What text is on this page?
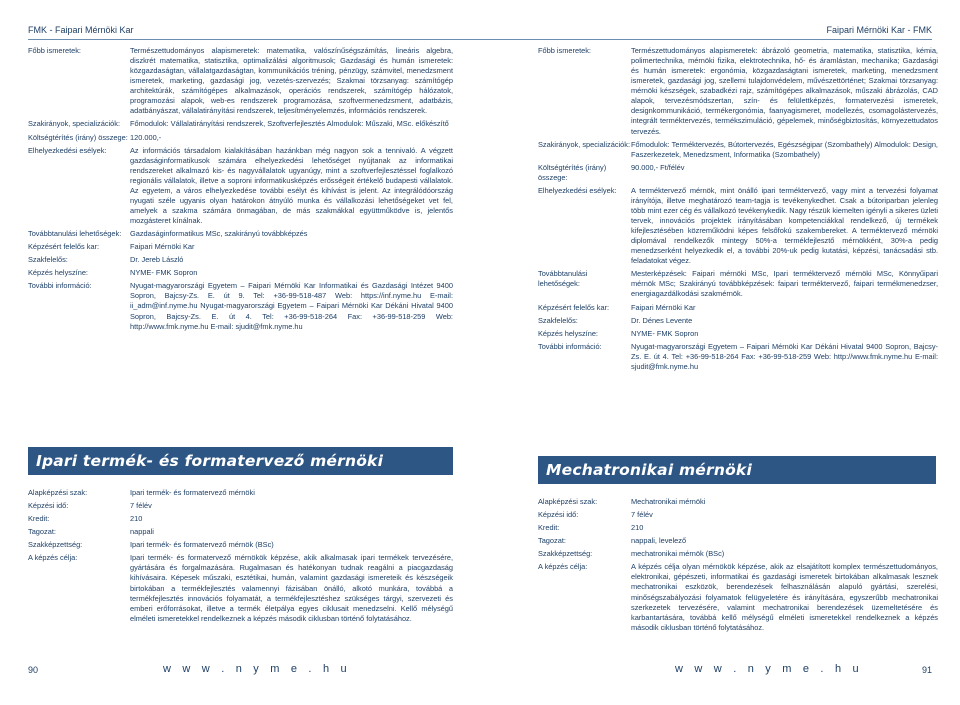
FMK - Faipari Mérnöki Kar
Főbb ismeretek:	Természettudományos alapismeretek: matematika, valószínűségszámítás, lineáris algebra, diszkrét matematika, statisztika, optimalizálási algoritmusok; Gazdasági és humán ismeretek: közgazdaságtan, vállalatgazdaságtan, kommunikációs tréning, pénzügy, számvitel, menedzsment ismeretek, marketing, gazdasági jog, vezetés-szervezés; Szakmai törzsanyag: számítógép architektúrák, számítógépes alkalmazások, operációs rendszerek, számítógép hálózatok, programozási alapok, web-es rendszerek programozása, szoftvermenedzsment, adatbázis, adatbányászat, vállalatirányítási rendszerek, teljesítményelemzés, információs rendszerek.
Szakirányok, specializációk:	Főmodulok: Vállalatirányítási rendszerek, Szoftverfejlesztés Almodulok: Műszaki, MSc. előkészítő
Költségtérítés (irány) összege: 120.000,-
Elhelyezkedési esélyek:	Az információs társadalom kialakításában hazánkban még nagyon sok a tennivaló. A végzett gazdaságinformatikusok számára elhelyezkedési lehetőséget nyújtanak az informatikai rendszereket alkalmazó kis- és nagyvállalatok ugyanúgy, mint a szoftverfejlesztéssel foglalkozó regionális vállalatok, illetve a soproni informatikusképzés erősségeit értékelő budapesti vállalatok. Az egyetem, a város elhelyezkedése további esélyt és kihívást is jelent. Az integrálódóország nyugati széle ugyanis olyan határokon átnyúló munka és vállalkozási lehetőségeket vet fel, amelyek a szakma számára önmagában, de más szakmákkal együttműködve is, jelentős mozgásteret kínálnak.
Továbbtanulási lehetőségek:	Gazdaságinformatikus MSc, szakirányú továbbképzés
Képzésért felelős kar:	Faipari Mérnöki Kar
Szakfelelős:	Dr. Jereb László
Képzés helyszíne:	NYME- FMK Sopron
További információ:	Nyugat-magyarországi Egyetem – Faipari Mérnöki Kar Informatikai és Gazdasági Intézet 9400 Sopron, Bajcsy-Zs. E. út 9. Tel: +36-99-518-487 Web: https://inf.nyme.hu E-mail: ii_adm@inf.nyme.hu Nyugat-magyarországi Egyetem – Faipari Mérnöki Kar Dékáni Hivatal 9400 Sopron, Bajcsy-Zs. E. út 4. Tel: +36-99-518-264 Fax: +36-99-518-259 Web: http://www.fmk.nyme.hu E-mail: sjudit@fmk.nyme.hu
Ipari termék- és formatervező mérnöki
Alapképzési szak:	Ipari termék- és formatervező mérnöki
Képzési idő:	7 félév
Kredit:	210
Tagozat:	nappali
Szakképzettség:	Ipari termék- és formatervező mérnök (BSc)
A képzés célja:	Ipari termék- és formatervező mérnökök képzése, akik alkalmasak ipari termékek tervezésére, gyártására és forgalmazására. Rugalmasan és hatékonyan tudnak reagálni a piacgazdaság kihívásaira. Képesek műszaki, esztétikai, humán, valamint gazdasági ismereteik és készségeik birtokában a termékfejlesztés valamennyi fázisában önálló, alkotó munkára, továbbá a termékfejlesztés innovációs folyamatát, a termékfejlesztéshez szükséges tárgyi, szervezeti és emberi erőforrásokat, illetve a termék életpálya egyes ciklusait menedzselni. Kellő mélységű elméleti ismeretekkel rendelkeznek a képzés második ciklusban történő folytatásához.
90	w w w . n y m e . h u
Faipari Mérnöki Kar - FMK
Főbb ismeretek:	Természettudományos alapismeretek: ábrázoló geometria, matematika, statisztika, kémia, polimertechnika, mérnöki fizika, elektrotechnika, hő- és áramlástan, mechanika; Gazdasági és humán ismeretek: ergonómia, közgazdaságtani ismeretek, marketing, menedzsment ismeretek, gazdasági jog, szellemi tulajdonvédelem, művészettörténet; Szakmai törzsanyag: mérnöki készségek, szabadkézi rajz, számítógépes alkalmazások, műszaki ábrázolás, CAD alapok, tervezésmódszertan, szín- és felülettképzés, formatervezési ismeretek, designkommunikáció, termékergonómia, faanyagismeret, modellezés, csomagolástervezés, integrált terméktervezés, termékszimuláció, gépelemek, minőségbiztosítás, környezettudatos tervezés.
Szakirányok, specializációk: Főmodulok: Terméktervezés, Bútortervezés, Egészségipar (Szombathely) Almodulok: Design, Faszerkezetek, Menedzsment, Informatika (Szombathely)
Költségtérítés (irány) összege:
90.000,- Ft/félév
Elhelyezkedési esélyek:	A terméktervező mérnök, mint önálló ipari terméktervező, vagy mint a tervezési folyamat irányítója, illetve meghatározó team-tagja is tevékenykedhet. Csak a bútoriparban jelenleg több mint ezer cég és vállalkozó tevékenykedik. Nagy részük kiemelten igényli a sikeres üzleti tervek, innovációs projektek irányításában kompetenciákkal rendelkező, új termékek kifejlesztésében közreműködni képes felsőfokú szakembereket. A terméktervező mérnöki diplomával rendelkezők mintegy 50%-a termékfejlesztő mérnökként, 30%-a pedig menedzserként helyezkedik el, a további 20%-uk pedig kutatási, képzési, tanácsadási stb. feladatokat végez.
Továbbtanulási lehetőségek:
Mesterképzések: Faipari mérnöki MSc, Ipari terméktervező mérnöki MSc, Könnyűipari mérnök MSc; Szakirányú továbbképzések: faipari terméktervező, faipari termékmenedzser, energiagazdálkodási szakmérnök.
Képzésért felelős kar:	Faipari Mérnöki Kar
Szakfelelős:	Dr. Dénes Levente
Képzés helyszíne:	NYME- FMK Sopron
További információ:	Nyugat-magyarországi Egyetem – Faipari Mérnöki Kar Dékáni Hivatal 9400 Sopron, Bajcsy-Zs. E. út 4. Tel: +36-99-518-264 Fax: +36-99-518-259 Web: http://www.fmk.nyme.hu E-mail: sjudit@fmk.nyme.hu
Mechatronikai mérnöki
Alapképzési szak:	Mechatronikai mérnöki
Képzési idő:	7 félév
Kredit:	210
Tagozat:	nappali, levelező
Szakképzettség:	mechatronikai mérnök (BSc)
A képzés célja:	A képzés célja olyan mérnökök képzése, akik az elsajátított komplex természettudományos, elektronikai, gépészeti, informatikai és gazdasági ismeretek birtokában alkalmasak lesznek mechatronikai eszközök, berendezések felhasználásán alapuló gyártási, szerelési, minőségszabályozási folyamatok felügyeletére és irányítására, egyszerűbb mechatronikai szerkezetek tervezésére, valamint mechatronikai berendezések üzemeltetésére és karbantartására, továbbá kellő mélységű elméleti ismeretekkel rendelkeznek a képzés második ciklusban történő folytatásához.
91
w w w . n y m e . h u
